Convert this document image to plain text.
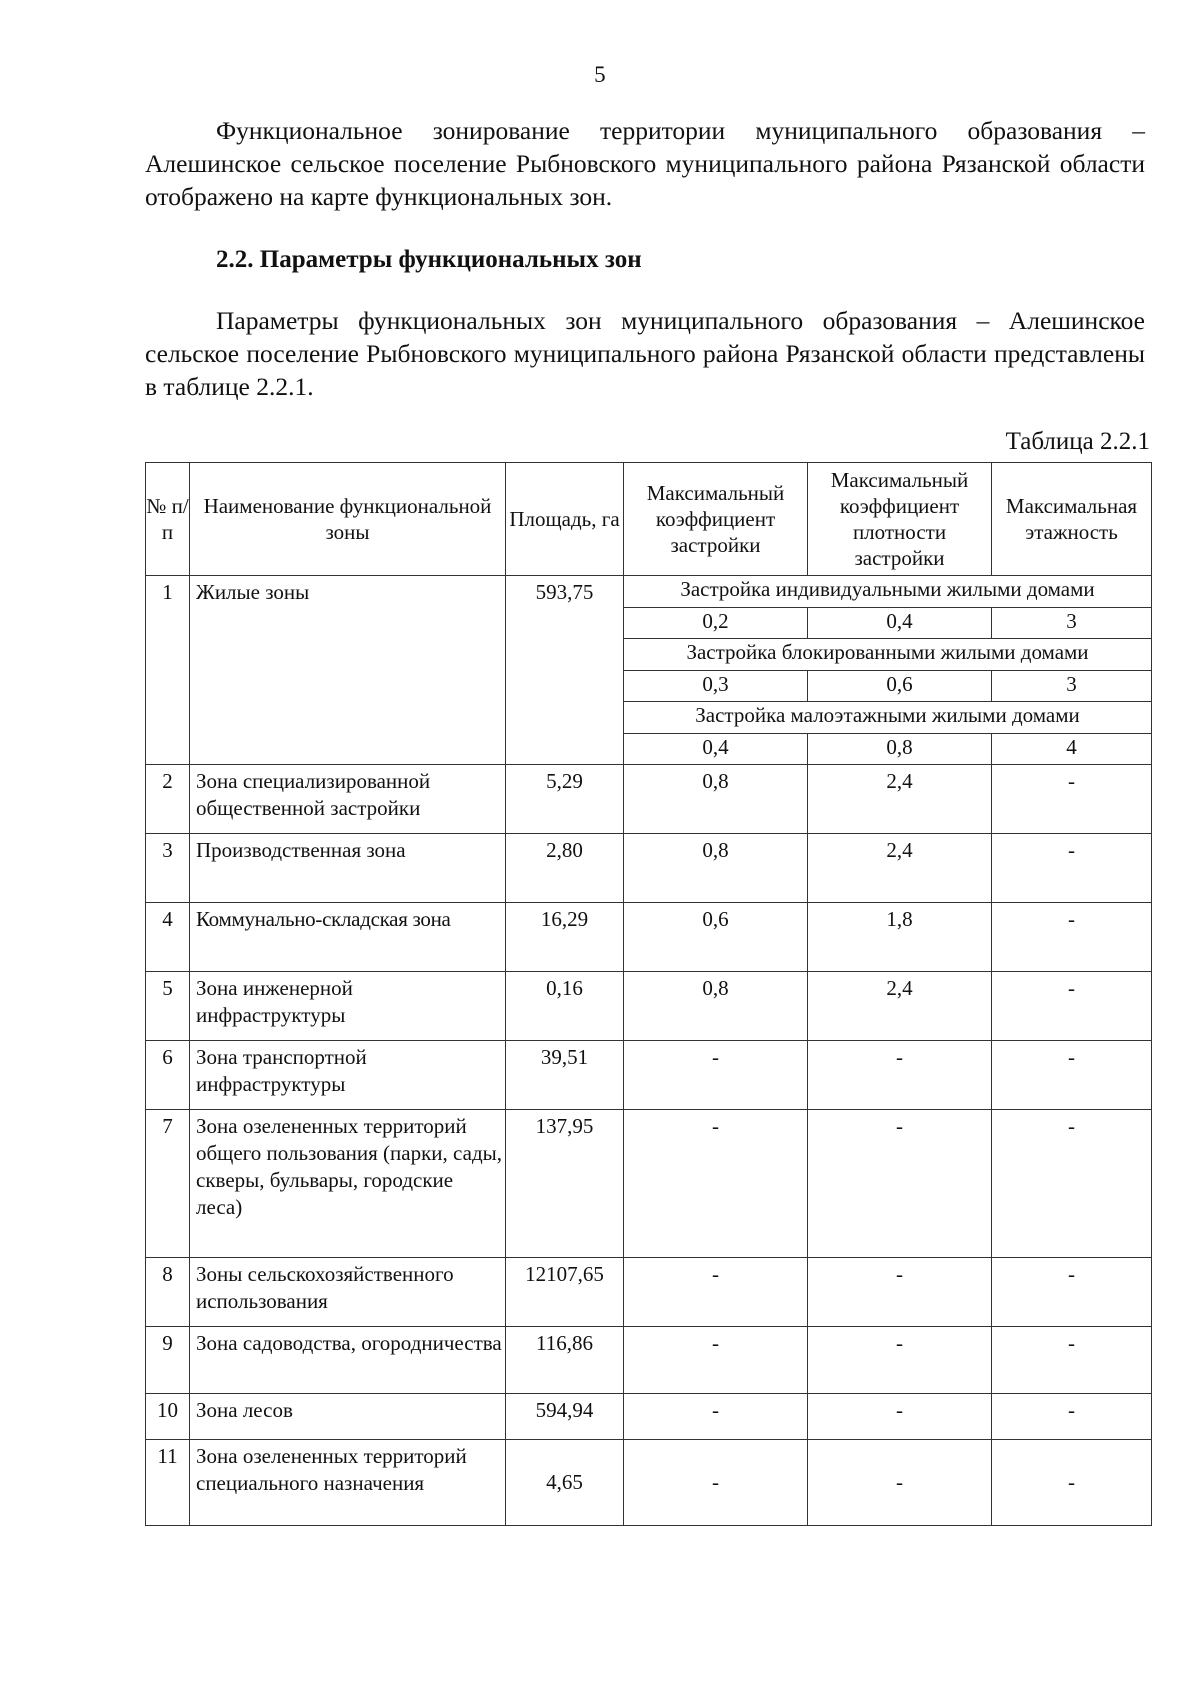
5
Функциональное зонирование территории муниципального образования – Алешинское сельское поселение Рыбновского муниципального района Рязанской области отображено на карте функциональных зон.
2.2. Параметры функциональных зон
Параметры функциональных зон муниципального образования – Алешинское сельское поселение Рыбновского муниципального района Рязанской области представлены в таблице 2.2.1.
Таблица 2.2.1
№ п/п	Наименование функциональной зоны	Площадь, га	Максимальный коэффициент застройки	Максимальный коэффициент плотности застройки	Максимальная этажность
1	Жилые зоны	593,75	Застройка индивидуальными жилыми домами		
			0,2	0,4	3
			Застройка блокированными жилыми домами		
			0,3	0,6	3
			Застройка малоэтажными жилыми домами		
			0,4	0,8	4
2	Зона специализированной общественной застройки	5,29	0,8	2,4	-
3	Производственная зона	2,80	0,8	2,4	-
4	Коммунально-складская зона	16,29	0,6	1,8	-
5	Зона инженерной инфраструктуры	0,16	0,8	2,4	-
6	Зона транспортной инфраструктуры	39,51	-	-	-
7	Зона озелененных территорий общего пользования (парки, сады, скверы, бульвары, городские леса)	137,95	-	-	-
8	Зоны сельскохозяйственного использования	12107,65	-	-	-
9	Зона садоводства, огородничества	116,86	-	-	-
10	Зона лесов	594,94	-	-	-
11	Зона озелененных территорий специального назначения	4,65	-	-	-
